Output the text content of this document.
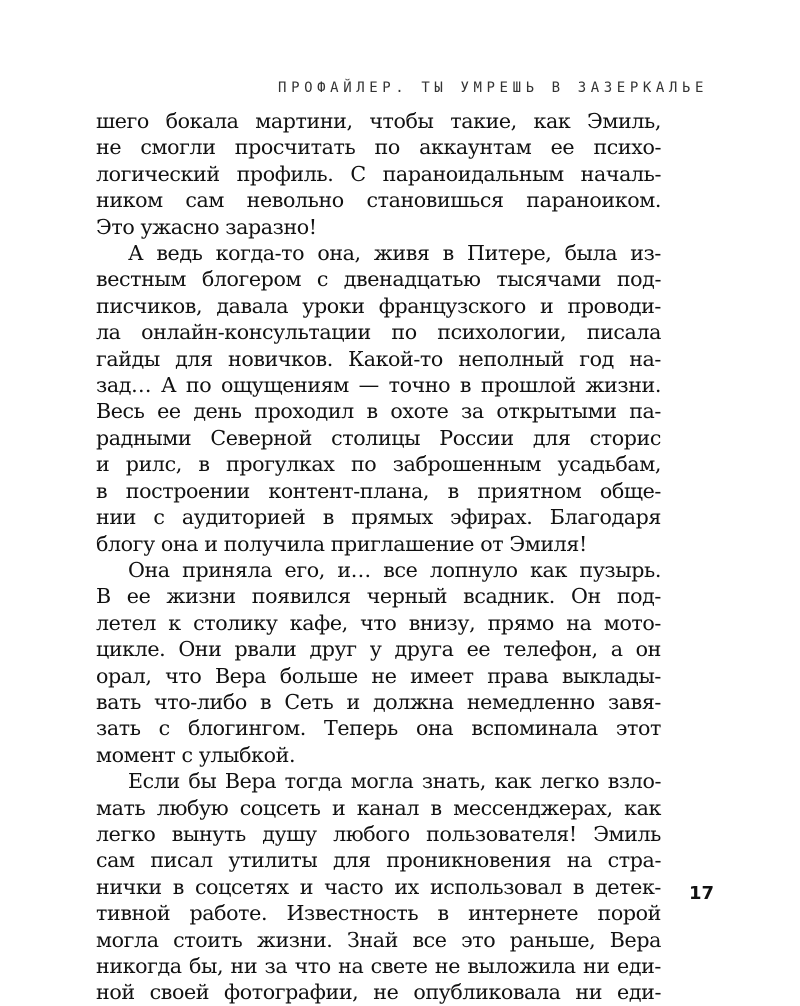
ПРОФАЙЛЕР. ТЫ УМРЕШЬ В ЗАЗЕРКАЛЬЕ
шего бокала мартини, чтобы такие, как Эмиль,
не смогли просчитать по аккаунтам ее психо-
логический профиль. С параноидальным началь-
ником сам невольно становишься параноиком.
Это ужасно заразно!
А ведь когда-то она, живя в Питере, была из-
вестным блогером с двенадцатью тысячами под-
писчиков, давала уроки французского и проводи-
ла онлайн-консультации по психологии, писала
гайды для новичков. Какой-то неполный год на-
зад… А по ощущениям — точно в прошлой жизни.
Весь ее день проходил в охоте за открытыми па-
радными Северной столицы России для сторис
и рилс, в прогулках по заброшенным усадьбам,
в построении контент-плана, в приятном обще-
нии с аудиторией в прямых эфирах. Благодаря
блогу она и получила приглашение от Эмиля!
Она приняла его, и… все лопнуло как пузырь.
В ее жизни появился черный всадник. Он под-
летел к столику кафе, что внизу, прямо на мото-
цикле. Они рвали друг у друга ее телефон, а он
орал, что Вера больше не имеет права выклады-
вать что-либо в Сеть и должна немедленно завя-
зать с блогингом. Теперь она вспоминала этот
момент с улыбкой.
Если бы Вера тогда могла знать, как легко взло-
мать любую соцсеть и канал в мессенджерах, как
легко вынуть душу любого пользователя! Эмиль
сам писал утилиты для проникновения на стра-
нички в соцсетях и часто их использовал в детек-
тивной работе. Известность в интернете порой
могла стоить жизни. Знай все это раньше, Вера
никогда бы, ни за что на свете не выложила ни еди-
ной своей фотографии, не опубликовала ни еди-
17
